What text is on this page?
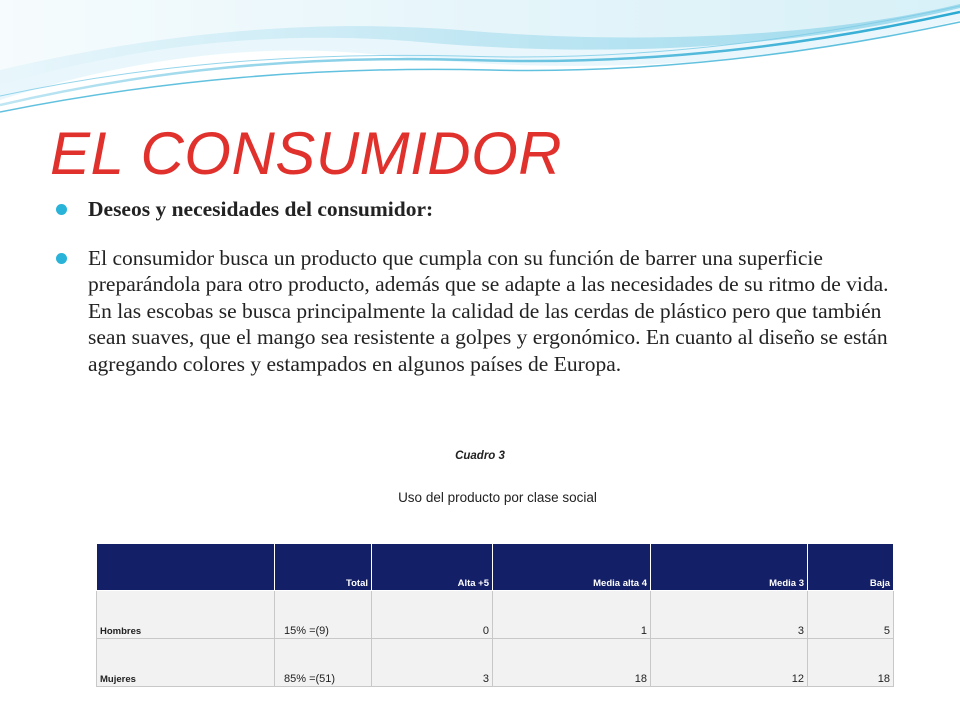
EL CONSUMIDOR
Deseos y necesidades del consumidor:
El consumidor busca un producto que cumpla con su función de barrer una superficie preparándola para otro producto, además que se adapte a las necesidades de su ritmo de vida. En las escobas se busca principalmente la calidad de las cerdas de plástico pero que también sean suaves, que el mango sea resistente a golpes y ergonómico. En cuanto al diseño se están agregando colores y estampados en algunos países de Europa.
Cuadro 3
Uso del producto por clase social
	Total	Alta +5	Media alta 4	Media 3	Baja
Hombres	15% =(9)	0	1	3	5
Mujeres	85% =(51)	3	18	12	18
